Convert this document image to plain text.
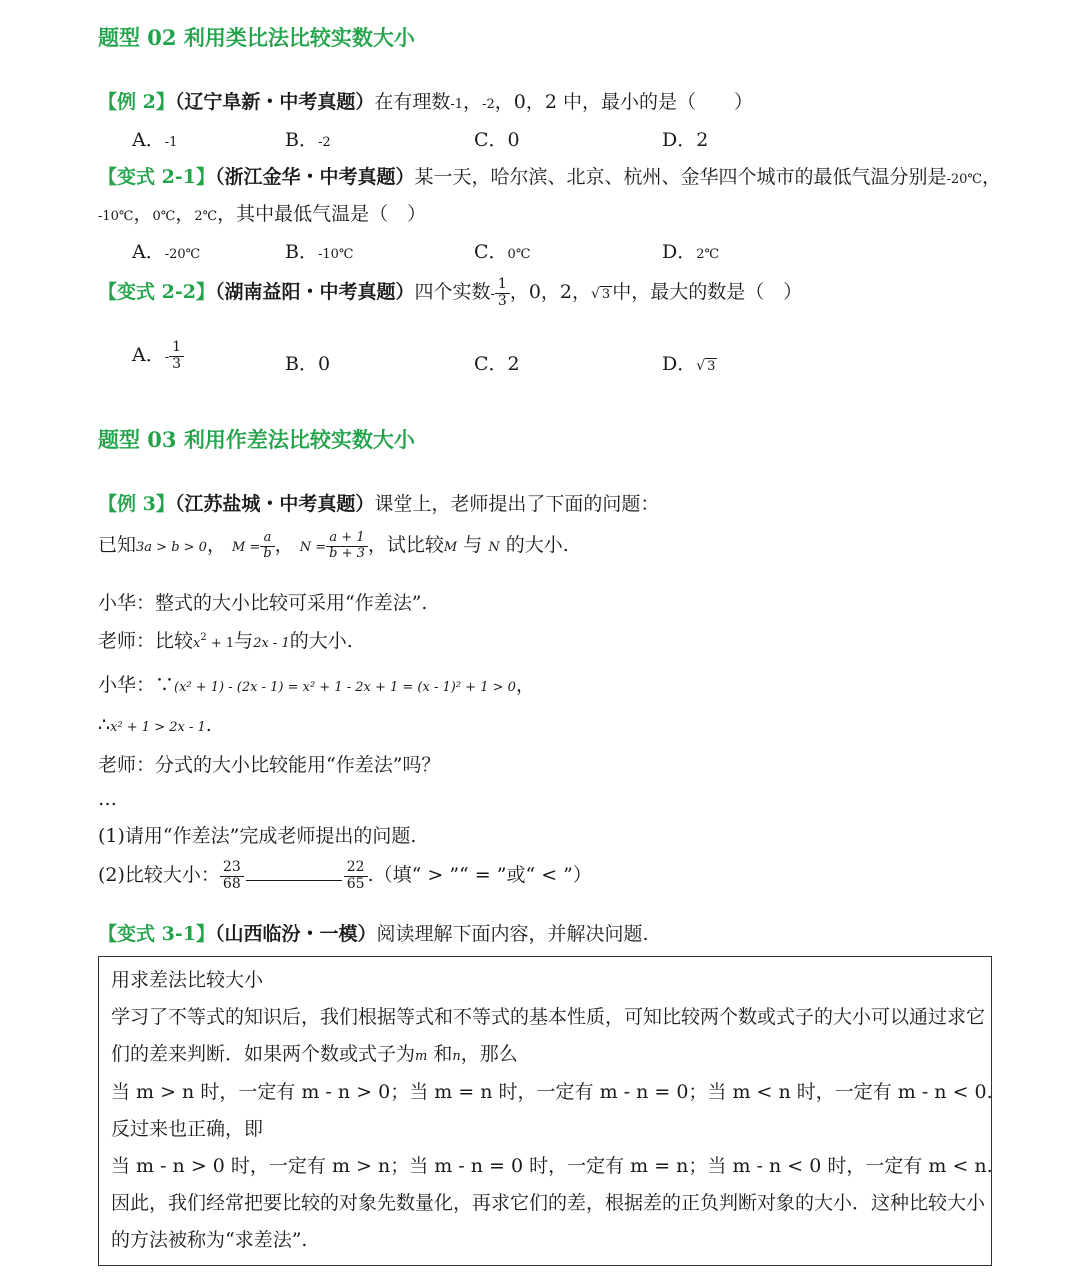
题型 02 利用类比法比较实数大小
【例 2】（辽宁阜新・中考真题）在有理数-1，-2，0，2 中，最小的是（　　）
A．-1	B．-2	C．0	D．2
【变式 2-1】（浙江金华・中考真题）某一天，哈尔滨、北京、杭州、金华四个城市的最低气温分别是-20℃，
-10℃，0℃，2℃，其中最低气温是（　）
A．-20℃	B．-10℃	C．0℃	D．2℃
【变式 2-2】（湖南益阳・中考真题）四个实数- $\frac{1}{3}$ ，0，2，√ 3 中，最大的数是（　）
A．- $\frac{1}{3}$	B．0	C．2	D．√ 3
题型 03 利用作差法比较实数大小
【例 3】（江苏盐城・中考真题）课堂上，老师提出了下面的问题：
已知3a > b > 0， $M = \frac{a}{b}$ ， $N = \frac{a + 1}{b + 3}$ ，试比较M 与 N 的大小.
小华：整式的大小比较可采用“作差法”.
老师：比较$x^2 + 1$与2x - 1的大小.
小华：∵(x² + 1) - (2x - 1) = x² + 1 - 2x + 1 = (x - 1)² + 1 > 0，
∴x² + 1 > 2x - 1.
老师：分式的大小比较能用“作差法”吗？
…
(1)请用“作差法”完成老师提出的问题.
(2)比较大小： $\frac{23}{68}$	$\frac{22}{65}$ .（填“ > ”“ = ”或“ < ”）
【变式 3-1】（山西临汾・一模）阅读理解下面内容，并解决问题.
用求差法比较大小
学习了不等式的知识后，我们根据等式和不等式的基本性质，可知比较两个数或式子的大小可以通过求它
们的差来判断．如果两个数或式子为m 和n，那么
当 m > n 时，一定有 m - n > 0；当 m = n 时，一定有 m - n = 0；当 m < n 时，一定有 m - n < 0.
反过来也正确，即
当 m - n > 0 时，一定有 m > n；当 m - n = 0 时，一定有 m = n；当 m - n < 0 时，一定有 m < n.
因此，我们经常把要比较的对象先数量化，再求它们的差，根据差的正负判断对象的大小．这种比较大小
的方法被称为“求差法”.
